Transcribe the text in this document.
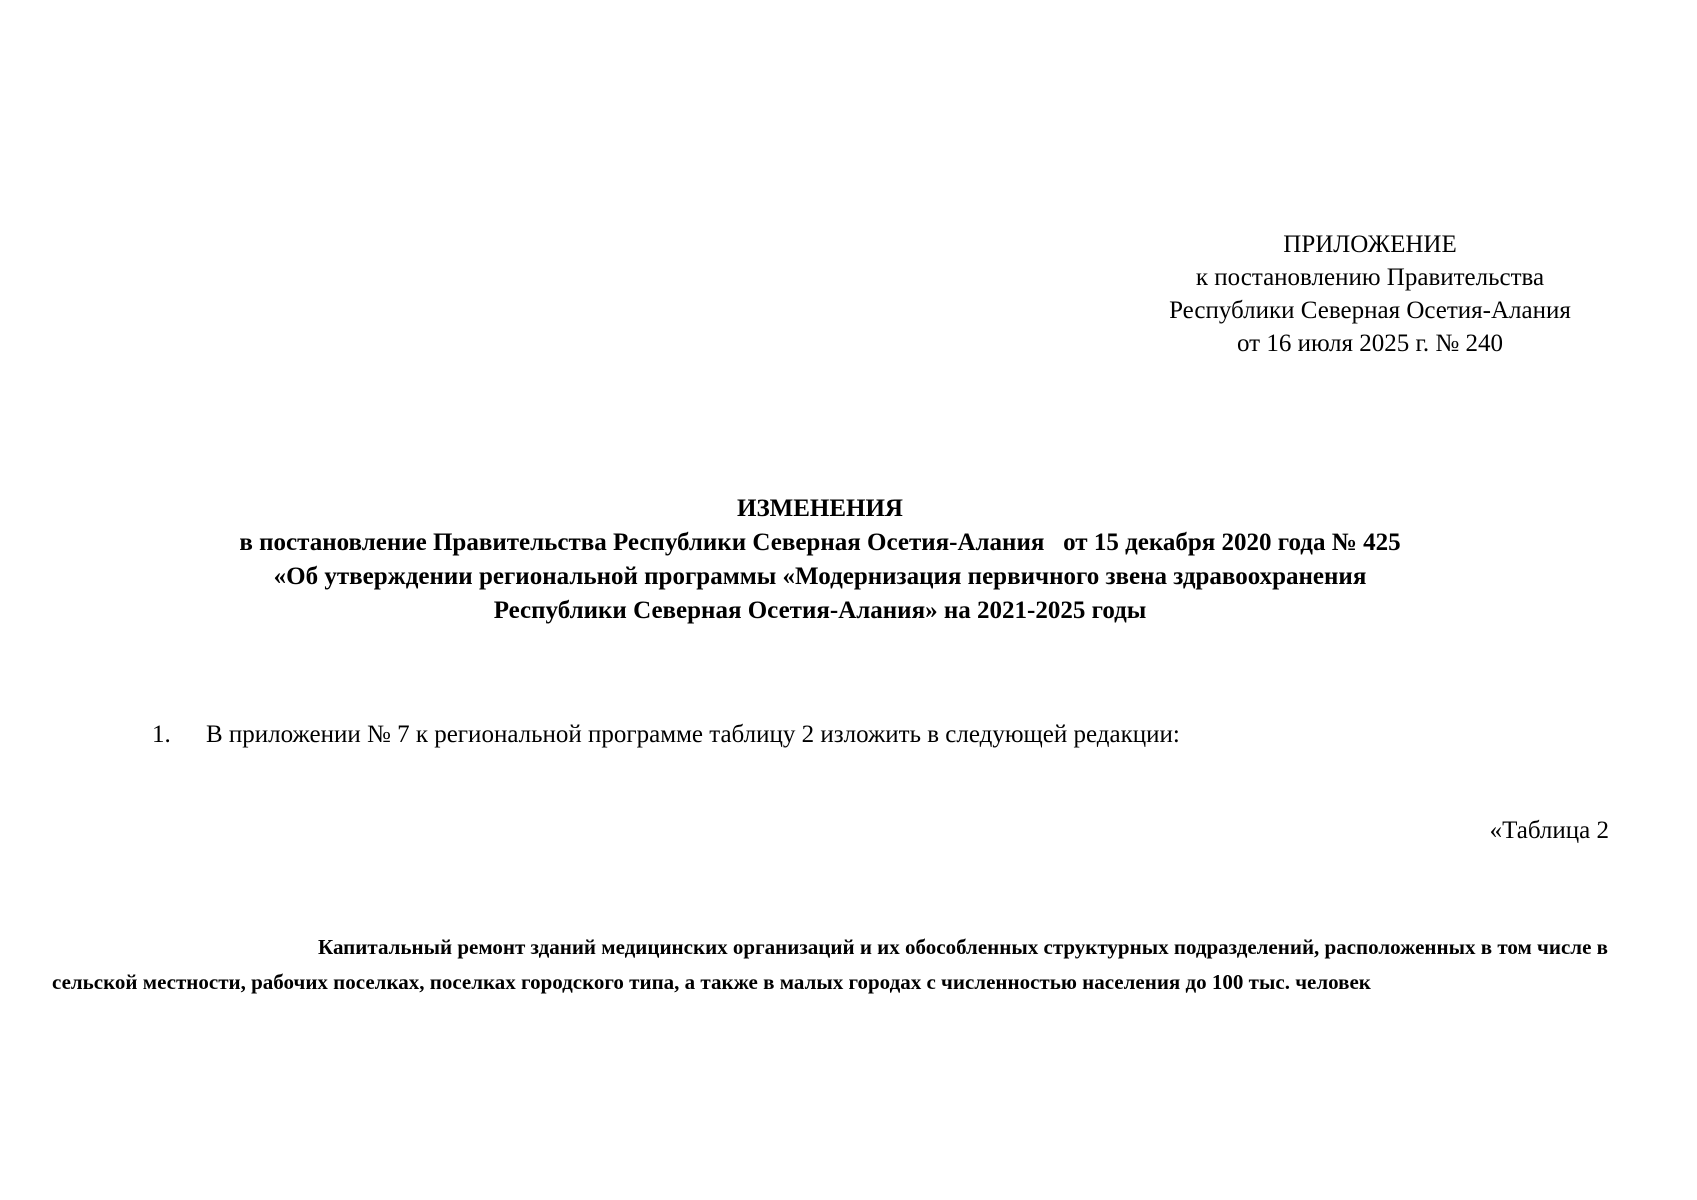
ПРИЛОЖЕНИЕ
к постановлению Правительства
Республики Северная Осетия-Алания
от 16 июля 2025 г. № 240
ИЗМЕНЕНИЯ
в постановление Правительства Республики Северная Осетия-Алания   от 15 декабря 2020 года № 425
«Об утверждении региональной программы «Модернизация первичного звена здравоохранения
Республики Северная Осетия-Алания» на 2021-2025 годы
1. В приложении № 7 к региональной программе таблицу 2 изложить в следующей редакции:
«Таблица 2
Капитальный ремонт зданий медицинских организаций и их обособленных структурных подразделений, расположенных в том числе в
сельской местности, рабочих поселках, поселках городского типа, а также в малых городах с численностью населения до 100 тыс. человек
